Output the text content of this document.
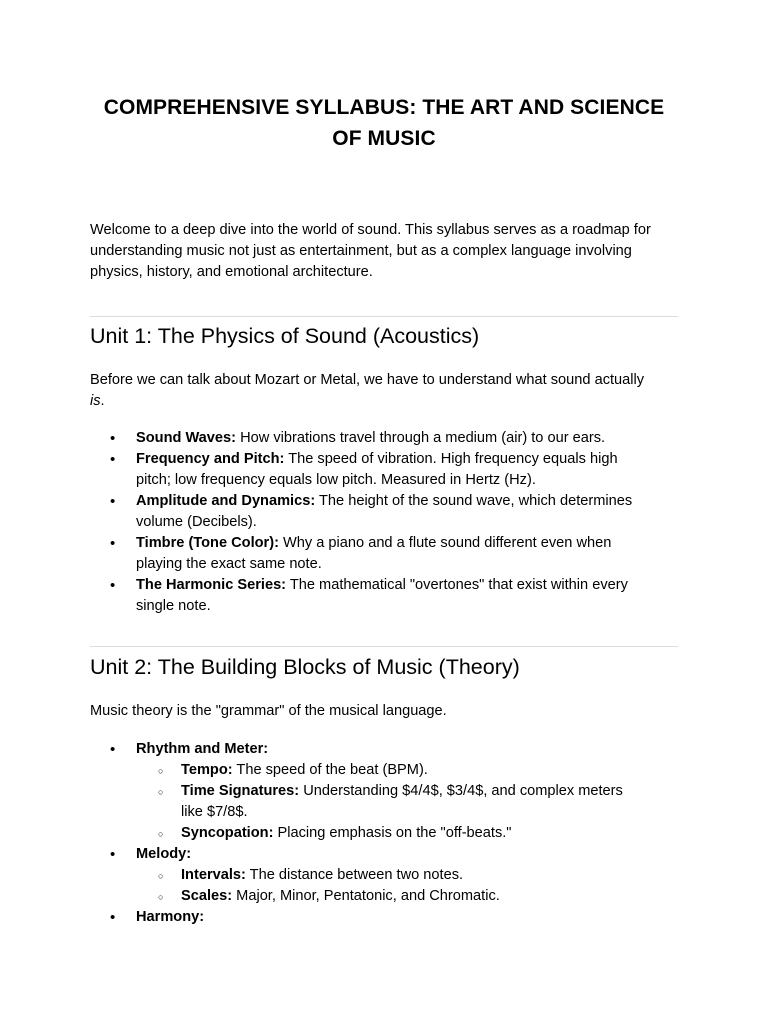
COMPREHENSIVE SYLLABUS: THE ART AND SCIENCE OF MUSIC
Welcome to a deep dive into the world of sound. This syllabus serves as a roadmap for understanding music not just as entertainment, but as a complex language involving physics, history, and emotional architecture.
Unit 1: The Physics of Sound (Acoustics)
Before we can talk about Mozart or Metal, we have to understand what sound actually is.
• Sound Waves: How vibrations travel through a medium (air) to our ears.
• Frequency and Pitch: The speed of vibration. High frequency equals high pitch; low frequency equals low pitch. Measured in Hertz (Hz).
• Amplitude and Dynamics: The height of the sound wave, which determines volume (Decibels).
• Timbre (Tone Color): Why a piano and a flute sound different even when playing the exact same note.
• The Harmonic Series: The mathematical "overtones" that exist within every single note.
Unit 2: The Building Blocks of Music (Theory)
Music theory is the "grammar" of the musical language.
• Rhythm and Meter:
○ Tempo: The speed of the beat (BPM).
○ Time Signatures: Understanding $4/4$, $3/4$, and complex meters like $7/8$.
○ Syncopation: Placing emphasis on the "off-beats."
• Melody:
○ Intervals: The distance between two notes.
○ Scales: Major, Minor, Pentatonic, and Chromatic.
• Harmony:
